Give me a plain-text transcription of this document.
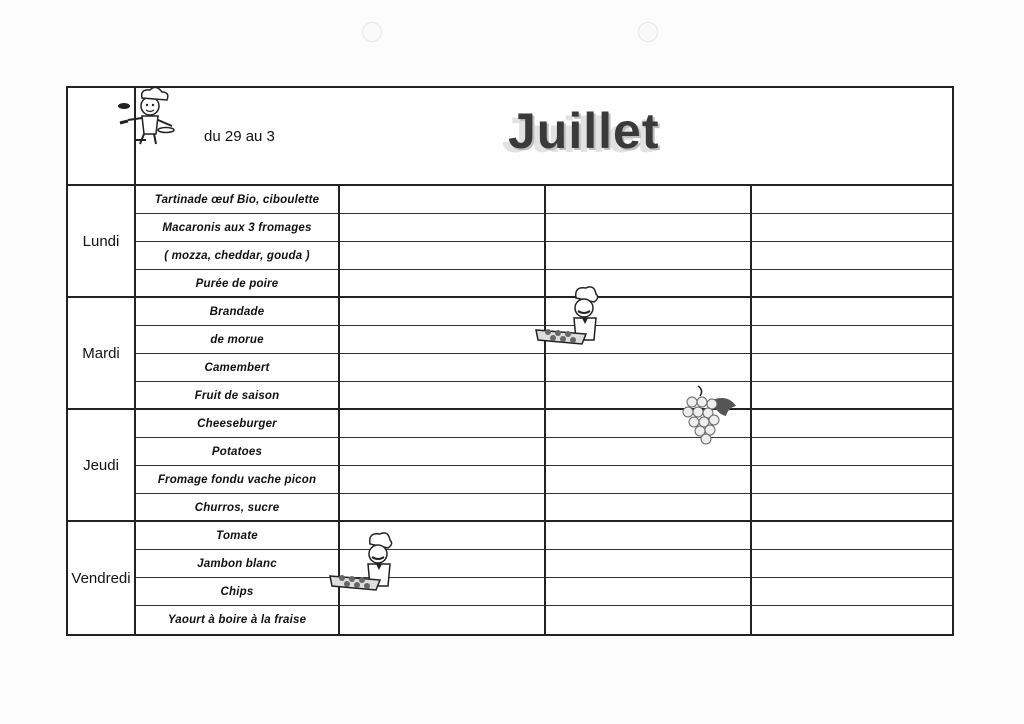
du 29 au 3	Juillet
Lundi
Tartinade œuf Bio, ciboulette
Macaronis aux 3 fromages
( mozza, cheddar, gouda )
Purée de poire
Mardi
Brandade
de morue
Camembert
Fruit de saison
Jeudi
Cheeseburger
Potatoes
Fromage fondu vache picon
Churros, sucre
Vendredi
Tomate
Jambon blanc
Chips
Yaourt à boire à la fraise
